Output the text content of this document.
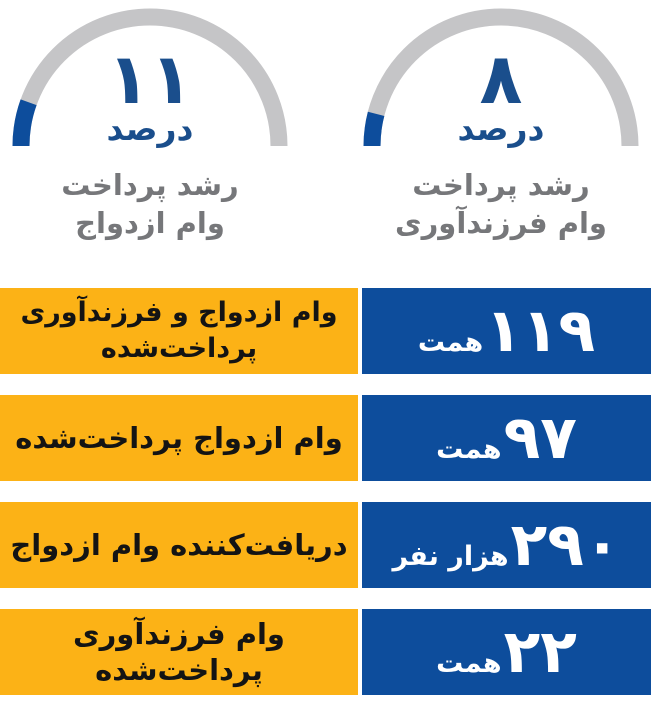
۱۱
درصد
رشد پرداخت
وام ازدواج
۸
درصد
رشد پرداخت
وام فرزندآوری
وام ازدواج و فرزندآوری
پرداخت‌شده	۱۱۹همت
وام ازدواج پرداخت‌شده	۹۷همت
دریافت‌کننده وام ازدواج	۲۹۰هزار نفر
وام فرزندآوری پرداخت‌شده	۲۲همت
